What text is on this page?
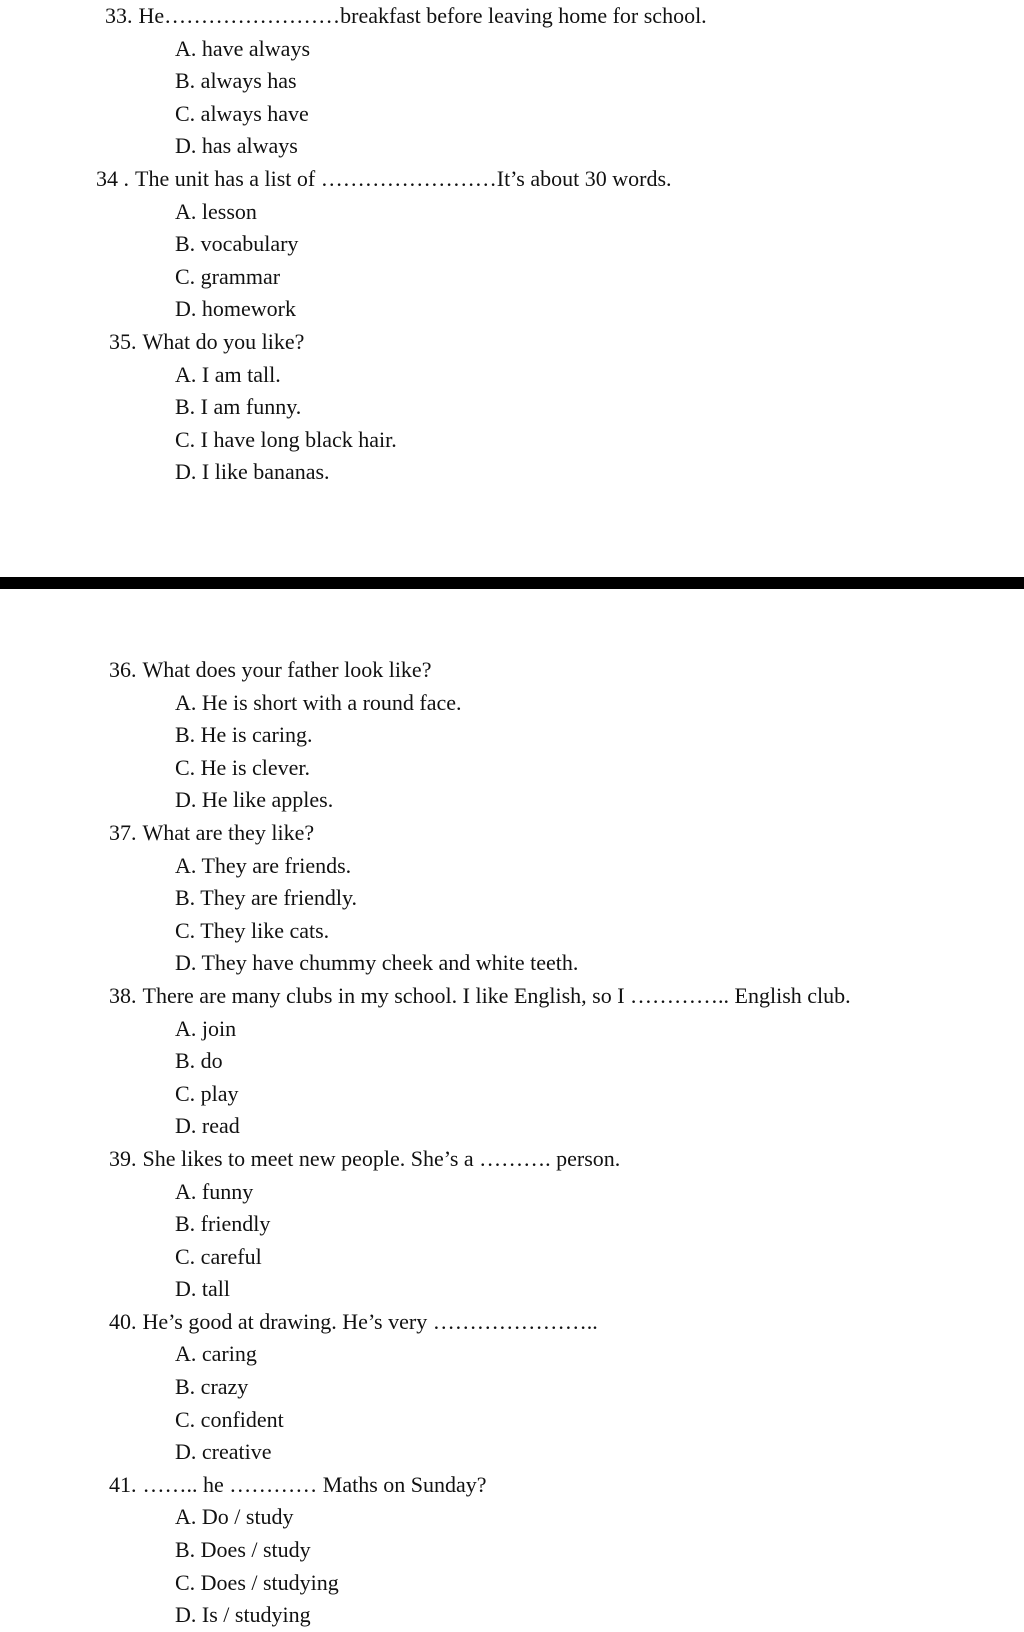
33. He……………………breakfast before leaving home for school.
A. have always
B. always has
C. always have
D. has always
34 . The unit has a list of ……………………It’s about 30 words.
A. lesson
B. vocabulary
C. grammar
D. homework
35. What do you like?
A. I am tall.
B. I am funny.
C. I have long black hair.
D. I like bananas.
36. What does your father look like?
A. He is short with a round face.
B. He is caring.
C. He is clever.
D. He like apples.
37. What are they like?
A. They are friends.
B. They are friendly.
C. They like cats.
D. They have chummy cheek and white teeth.
38. There are many clubs in my school. I like English, so I ………….. English club.
A. join
B. do
C. play
D. read
39. She likes to meet new people. She’s a ………. person.
A. funny
B. friendly
C. careful
D. tall
40. He’s good at drawing. He’s very …………………..
A. caring
B. crazy
C. confident
D. creative
41. …….. he ………… Maths on Sunday?
A. Do / study
B. Does / study
C. Does / studying
D. Is / studying
